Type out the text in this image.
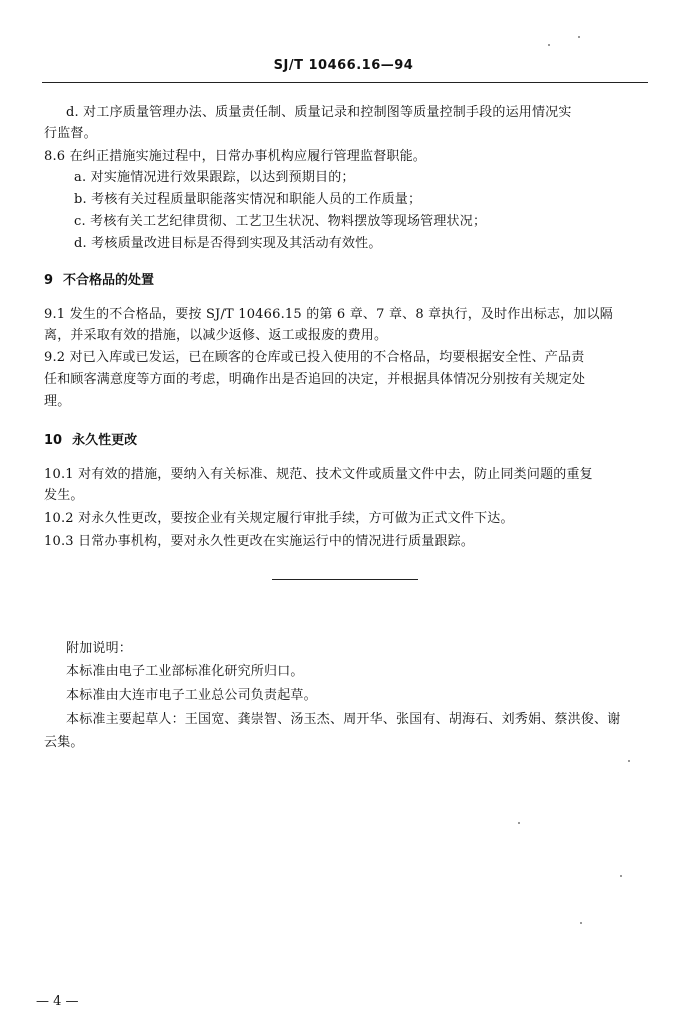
SJ/T 10466.16—94
d. 对工序质量管理办法、质量责任制、质量记录和控制图等质量控制手段的运用情况实
行监督。
8.6 在纠正措施实施过程中，日常办事机构应履行管理监督职能。
a. 对实施情况进行效果跟踪，以达到预期目的；
b. 考核有关过程质量职能落实情况和职能人员的工作质量；
c. 考核有关工艺纪律贯彻、工艺卫生状况、物料摆放等现场管理状况；
d. 考核质量改进目标是否得到实现及其活动有效性。
9 不合格品的处置
9.1 发生的不合格品，要按 SJ/T 10466.15 的第 6 章、7 章、8 章执行，及时作出标志，加以隔
离，并采取有效的措施，以减少返修、返工或报废的费用。
9.2 对已入库或已发运，已在顾客的仓库或已投入使用的不合格品，均要根据安全性、产品责
任和顾客满意度等方面的考虑，明确作出是否追回的决定，并根据具体情况分别按有关规定处
理。
10 永久性更改
10.1 对有效的措施，要纳入有关标准、规范、技术文件或质量文件中去，防止同类问题的重复
发生。
10.2 对永久性更改，要按企业有关规定履行审批手续，方可做为正式文件下达。
10.3 日常办事机构，要对永久性更改在实施运行中的情况进行质量跟踪。
附加说明：
本标准由电子工业部标准化研究所归口。
本标准由大连市电子工业总公司负责起草。
本标准主要起草人：王国宽、龚崇智、汤玉杰、周开华、张国有、胡海石、刘秀娟、蔡洪俊、谢
云集。
— 4 —
